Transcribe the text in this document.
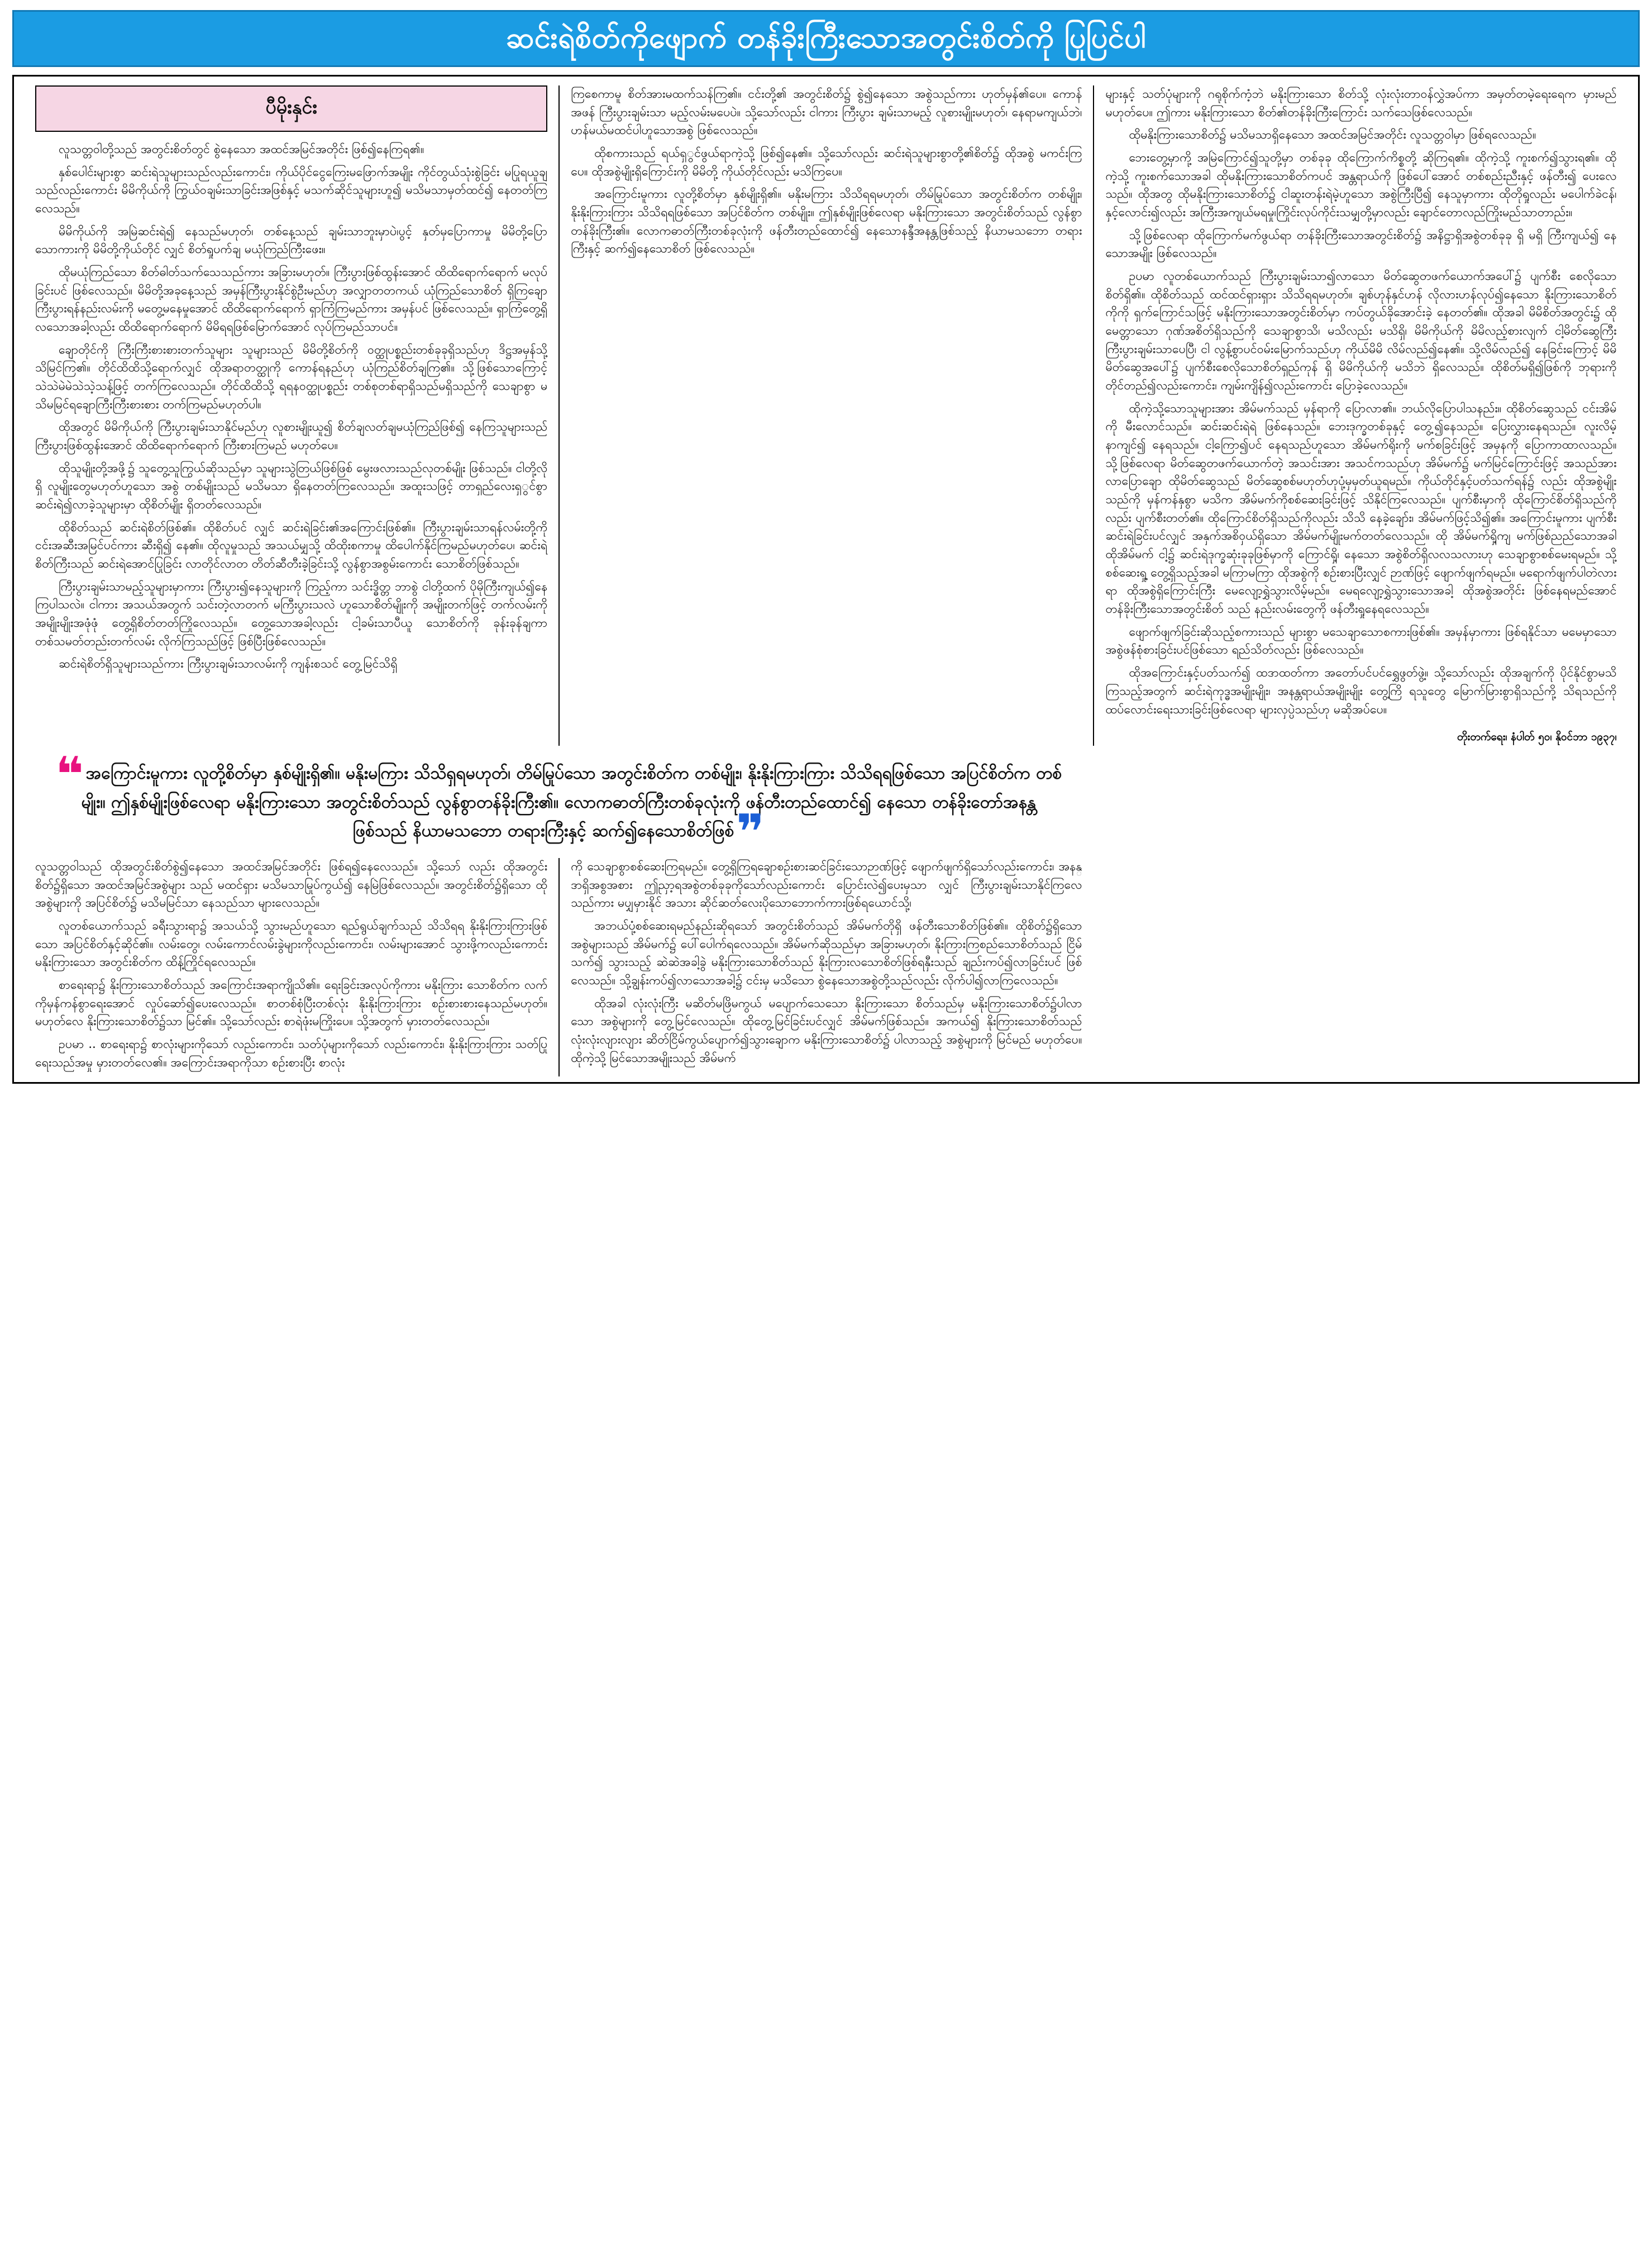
ဆင်းရဲစိတ်ကိုဖျောက် တန်ခိုးကြီးသောအတွင်းစိတ်ကို ပြုပြင်ပါ
ပီမိုးနှင်း

လူသတ္တဝါတို့သည် အတွင်းစိတ်တွင် စွဲနေသော အထင်အမြင်အတိုင်း ဖြစ်၍နေကြရ၏။

နှစ်ပေါင်းများစွာ ဆင်းရဲသူများသည်လည်းကောင်း၊ ကိုယ်ပိုင်ငွေကြေးမဖြောက်အမျိုး ကိုင်တွယ်သုံးစွဲခြင်း မပြုရယူချသည်လည်းကောင်း မိမိကိုယ်ကို ကြွယ်ဝချမ်းသာခြင်းအဖြစ်နှင့် မသက်ဆိုင်သူများဟူ၍ မသိမသာမှတ်ထင်၍ နေတတ်ကြလေသည်။

မိမိကိုယ်ကို အမြဲဆင်းရဲ၍ နေသည်မဟုတ်၊ တစ်နေ့သည် ချမ်းသာဘူးမှာပဲ၊ပွင့် နှတ်မှပြောကာမှု မိမိတို့ပြောသောကားကို မိမိတို့ကိုယ်တိုင် လျှင် စိတ်ရှုပက်ချ မယုံကြည်ကြီးဖေး။

ထိုမယုံကြည်သော စိတ်ဓါတ်သက်သေသည်ကား အခြားမဟုတ်။ ကြီးပွားဖြစ်ထွန်းအောင် ထိထိရောက်ရောက် မလုပ်ခြင်းပင် ဖြစ်လေသည်။ မိမိတို့အခုနေ့သည် အမှန်ကြီးပွားနိုင်စွဲဦးမည်ဟု အလျှာတတကယ် ယုံကြည်သောစိတ် ရှိကြချောကြီးပွားရန်နည်းလမ်းကို မတွေ့မနေမှုအောင် ထိထိရောက်ရောက် ရှာကြံကြမည်ကား အမှန်ပင် ဖြစ်လေသည်။ ရှာကြံတွေ့ရှိလသောအခါ့လည်း ထိထိရောက်ရောက် မိမိရရဖြစ်မြောက်အောင် လုပ်ကြမည်သာပင်။

ချောတိုင်ကို ကြီးကြီးစားစားတက်သူများ သူများသည် မိမိတို့စိတ်ကို ဝတ္ထုပစ္စည်းတစ်ခုခုရှိသည်ဟု ဒိဋ္ဌအမှန်သို့ သိမြင်ကြ၏။ တိုင်ထိထိသို့ရောက်လျှင် ထိုအရာတတ္ထုကို ကောန်ရနည်ဟု ယုံကြည်စိတ်ချကြ၏။ သို့ဖြစ်သောကြောင့် သဲသဲမဲမဲသဲသဲ့သန့်ဖြင့် တက်ကြလေသည်။ တိုင်ထိထိသို့ ရရနဝတ္ထုပစ္စည်း တစ်စုတစ်ရာရှိသည်မရှိသည်ကို သေချာစွာ မသိမမြင်ရချောကြီးကြီးစားစား တက်ကြမည်မဟုတ်ပါ။

ထိုအတွင် မိမိကိုယ်ကို ကြီးပွားချမ်းသာနိုင်မည်ဟု လူစားမျိုးယူ၍ စိတ်ချလတ်ချမယုံကြည်ဖြစ်၍ နေကြသူများသည် ကြီးပွားဖြစ်ထွန်းအောင် ထိထိရောက်ရောက် ကြီးစားကြမည် မဟုတ်ပေ။

ထိုသူမျိုးတို့အဖို့၌ သူတွေ့သူကြွယ်ဆိုသည်မှာ သူများသွဲတြယ်ဖြစ်ဖြစ် မွေးဖလားသည်လုတစ်မျိုး ဖြစ်သည်။ ငါတို့လိုရှိ လူမျိုးတွေမဟုတ်ဟူသော အစွဲ တစ်မျိုးသည် မသိမသာ ရှိနေတတ်ကြလေသည်။ အထူးသဖြင့် တာရှည်လေးရှွင်စွာ ဆင်းရဲ၍လာခဲ့သူများမှာ ထိုစိတ်မျိုး ရှိတတ်လေသည်။

ထိုစိတ်သည် ဆင်းရဲစိတ်ဖြစ်၏။ ထိုစိတ်ပင် လျှင် ဆင်းရဲခြင်း၏အကြောင်းဖြစ်၏။ ကြီးပွားချမ်းသာရန်လမ်းတို့ကို ငင်းအဆီးအမြင်ပင်ကား ဆီးရှိ၍ နေ၏။ ထိုလူမှုသည် အသယ်မျှသို့ ထိထိုးစကာမှု ထိပေါက်နိုင်ကြမည်မဟုတ်ပေ၊ ဆင်းရဲစိတ်ကြီးသည် ဆင်းရဲအောင်ပြုခြင်း လာတိုင်လာတ တိတ်ဆီတီးခဲ့ခြင်းသို့ လွန်စွာအစွမ်းကောင်း သောစိတ်ဖြစ်သည်။

ကြီးပွားချမ်းသာမည့်သူများမှာကား ကြီးပွား၍နေသူများကို ကြည့်ကာ သင်းဒ္ဓိတ္တ ဘာစွဲ ငါတို့ထက် ပိုမိုကြီးကျယ်၍နေကြပါသလဲ။ ငါကား အသယ်အတွက် သင်းတဲ့လာတက် မကြီးပွားသလဲ ဟူသောစိတ်မျိုးကို အမျိုးတက်ဖြင့် တက်လမ်းကို အမျိုးမျိုးအဖုံဖုံ တွေ့ရှိစိတ်တတ်ကြိုလေသည်။ တွေ့သောအခါ့လည်း ငါ့ခမ်းသာပီယူ သောစိတ်ကို ခုန်းခုန်ချကာ တစ်သမတ်တည်းတက်လမ်း လိုက်ကြသည်ဖြင့် ဖြစ်ပြီးဖြစ်လေသည်။

ဆင်းရဲစိတ်ရှိသူများသည်ကား ကြီးပွားချမ်းသာလမ်းကို ကျန်းစသင် တွေ့မြင်သိရှိ

ကြစေကာမူ စိတ်အားမထက်သန်ကြ၏။ ငင်းတို့၏ အတွင်းစိတ်၌ စွဲ၍နေသော အစွဲသည်ကား ဟုတ်မှန်၏ပေ။ ကောန်အဖန် ကြီးပွားချမ်းသာ မည့်လမ်းမပေပဲ။ သို့သော်လည်း ငါကား ကြီးပွား ချမ်းသာမည့် လူစားမျိုးမဟုတ်၊ နေရာမကျယ်ဘဲ၊ ဟန်မယ်မထင်ပါဟူသောအစွဲ ဖြစ်လေသည်။

ထိုစကားသည် ရယ်ရှွင်ဖွယ်ရာကဲ့သို့ ဖြစ်၍နေ၏။ သို့သော်လည်း ဆင်းရဲသူများစွာတို့၏စိတ်၌ ထိုအစွဲ မကင်းကြပေ။ ထိုအစွဲမျိုးရှိကြောင်းကို မိမိတို့ ကိုယ်တိုင်လည်း မသိကြပေ။

အကြောင်းမူကား လူတို့စိတ်မှာ နှစ်မျိုးရှိ၏။ မနိုးမကြား သိသိရရမဟုတ်၊ တိမ်မြုပ်သော အတွင်းစိတ်က တစ်မျိုး၊ နိုးနိုးကြားကြား သိသိရရဖြစ်သော အပြင်စိတ်က တစ်မျိုး။ ဤနှစ်မျိုးဖြစ်လေရာ မနိုးကြားသော အတွင်းစိတ်သည် လွန်စွာတန်ခိုးကြီး၏။ လောကဓာတ်ကြီးတစ်ခုလုံးကို ဖန်တီးတည်ထောင်၍ နေသောနန္ဒီအနန္တဖြစ်သည့် နိယာမသဘော တရားကြီးနှင့် ဆက်၍နေသောစိတ် ဖြစ်လေသည်။

များနှင့် သတ်ပုံများကို ဂရုစိုက်ကံ့ဘဲ မနိုးကြားသော စိတ်သို့ လုံးလုံးတာဝန်လွှဲအပ်ကာ အမှတ်တမဲ့ရေးရေက မှားမည်မဟုတ်ပေ။ ဤကား မနိုးကြားသော စိတ်၏တန်ခိုးကြီးကြောင်း သက်သေဖြစ်လေသည်။

ထိုမနိုးကြားသောစိတ်၌ မသိမသာရှိနေသော အထင်အမြင်အတိုင်း လူသတ္တဝါမှာ ဖြစ်ရလေသည်။

ဘေးတွေ့မှာကို့ အမြဲကြောင်၍သူတို့မှာ တစ်ခုခု ထိုကြောက်ကိစ္စတို့ ဆိုကြရ၏။ ထိုကဲ့သို့ ကူးစက်၍သွားရ၏။ ထိုကဲ့သို့ ကူးစက်သောအခါ ထိုမနိုးကြားသောစိတ်ကပင် အန္တရာယ်ကို ဖြစ်ပေါ်အောင် တစ်စည်းညီးနှင့် ဖန်တီး၍ ပေးလေသည်။ ထိုအတွ ထိုမနိုးကြားသောစိတ်၌ ငါဆူးတန်းရဲမဲ့ဟူသော အစွဲကြီးပြီ၍ နေသူမှာကား ထိုတိုရှုလည်း မပေါက်ခဲငန်၊ နှင့်လောင်း၍လည်း အကြီးအကျယ်မရမှု၊ကြိုင်းလုပ်ကိုင်းသမျှတို့မှာလည်း ချောင်တောလည်ကြိုးမည်သာတာည်း။

သို့ဖြစ်လေရာ ထိုကြောက်မက်ဖွယ်ရာ တန်ခိုးကြီးသောအတွင်းစိတ်၌ အနိဋ္ဌာရှိအစွဲတစ်ခုခု ရှိ မရှိ ကြီးကျယ်၍ နေသောအမျိုး ဖြစ်လေသည်။

ဥပမာ လူတစ်ယောက်သည် ကြီးပွားချမ်းသာ၍လာသော မိတ်ဆွေတဖက်ယောက်အပေါ်၌ ပျက်စီး စေလိုသောစိတ်ရှိ၏။ ထိုစိတ်သည် ထင်ထင်ရှားရှား သိသိရရမဟုတ်။ ချစ်ဟုန်နှင်ဟန် လိုလားဟန်လုပ်၍နေသော နိုးကြားသောစိတ်ကိုကို ရှက်ကြောင်သဖြင့် မနိုးကြားသောအတွင်းစိတ်မှာ ကပ်တွယ်ခိုအောင်းခဲ့ နေတတ်၏။ ထိုအခါ မိမိစိတ်အတွင်း၌ ထိုမေတ္တာသော ဂုဏ်အစိတ်ရှိသည်ကို သေချာစွာသိ၊ မသိလည်း မသိရှိ၊ မိမိကိုယ်ကို မိမိလည့်စားလျက် ငါ့မိတ်ဆွေကြီး ကြီးပွားချမ်းသာပေပြီ၊ ငါ လွန့်စွာပင်ဝမ်းမြောက်သည်ဟု ကိုယ်မိမိ လိမ်လည်၍နေ၏။ သို့လိမ်လည်၍ နေခြင်းကြောင့် မိမိမိတ်ဆွေအပေါ်၌ ပျက်စီးစေလိုသောစိတ်ရှည်ကုန် ရှိ မိမိကိုယ်ကို မသိဘဲ ရှိလေသည်။ ထိုစိတ်မရှိ၍ဖြစ်ကို ဘုရားကို တိုင်တည်၍လည်းကောင်း၊ ကျမ်းကျိန်၍လည်းကောင်း ပြောခဲ့လေသည်။

ထိုကဲ့သို့သောသူများအား အိမ်မက်သည် မှန်ရာကို ပြောလာ၏။ ဘယ်လိုပြောပါသနည်း။ ထိုစိတ်ဆွေသည် ငင်းအိမ်ကို မီးလောင်သည်။ ဆင်းဆင်းရဲရဲ ဖြစ်နေသည်။ ဘေးဒုက္ခတစ်ခုနှင့် တွေ့၍နေသည်။ ပြေးလွှားနေရသည်။ လူးလိမ့်နာကျင်၍ နေရသည်။ ငါ့ကြော၍ပင် နေရသည်ဟူသော အိမ်မက်ရိုးကို မက်စခြင်းဖြင့် အမှနကို ပြောကာထာလသည်။ သို့ဖြစ်လေရာ မိတ်ဆွေတဖက်ယောက်တဲ့ အသင်းအား အသင်ကသည်ဟု အိမ်မက်၌ မက်မြင်ကြောင်းဖြင့် အသည်အား လာပြောချော ထိုမိတ်ဆွေသည် မိတ်ဆွေစစ်မဟုတ်ဟုပုံ့မှမှတ်ယူရမည်။ ကိုယ်တိုင်နှင့်ပတ်သက်ရန်၌ လည်း ထိုအစွဲမျိုးသည်ကို မှန်ကန်နှစွာ မသိက အိမ်မက်ကိုစစ်ဆေးခြင်းဖြင့် သိနိုင်ကြလေသည်။ ပျက်စီးမှာကို ထိုကြောင်စိတ်ရှိသည်ကိုလည်း ပျက်စီးတတ်၏။ ထိုကြောင်စိတ်ရှိသည်ကိုလည်း သိသိ နေခဲ့ချော်း၊ အိမ်မက်ဖြင့်သိ၍၏။ အကြောင်းမူကား ပျက်စီးဆင်းရဲခြင်းပင်လျှင် အနှက်အစိဝှယ်ရှိသော အိမ်မက်မျိုးမက်တတ်လေသည်။ ထို အိမ်မက်ရှိ့ကျ မက်ဖြစ်ညည်သောအခါ ထိုအိမ်မက် ငါ့၌ ဆင်းရဲဒုက္ခဆုံးခုခုဖြစ်မှာကို ကြောင်ရှိ့၊ နေသော အစွဲစိတ်ရှိလလသလားဟု သေချာစွာစစ်မေးရမည်။ သို့စစ်ဆေးရှု့ တွေ့ရှိသည့်အခါ မကြာမကြာ ထိုအစွဲကို စဉ်းစားပြီးလျှင် ဉာဏ်ဖြင့် ဖျောက်ဖျက်ရမည်။ မရောက်ဖျက်ပါတဲလားရာ ထိုအစွဲရှိကြောင်းကြီး မေလျော့ရွှဲသွားလိမ့်မည်။ မေရလျော့ရွှဲသွားသောအခါ့ ထိုအစွဲအတိုင်း ဖြစ်နေရမည်အောင် တန်ခိုးကြီးသောအတွင်းစိတ် သည် နည်းလမ်းတွေကို ဖန်တီးရှုနေရလေသည်။

ဖျောက်ဖျက်ခြင်းဆိုသည့်စကားသည် များစွာ မသေချာသောစကားဖြစ်၏။ အမှန်မှာကား ဖြစ်ရနိုင်သာ မမေမှာသော အစွဲဖန်စုံစားခြင်းပင်ဖြစ်သော ရည်သိတ်လည်း ဖြစ်လေသည်။

ထိုအကြောင်းနှင့်ပတ်သက်၍ ထဒာထတ်ကာ အတော်ပင်ပင်ရွှေဖွတ်ဖွဲ့။ သို့သော်လည်း ထိုအချက်ကို ပိုင်နိုင်စွာမသိကြသည့်အတွက် ဆင်းရဲကုဒ္ဓအမျိုးမျိုး၊ အနန္တရာယ်အမျိုးမျိုး တွေ့ကြိ ရသူတွေ မြောက်မြားစွာရှိသည်ကို့ သိရသည်ကို ထပ်လောင်းရေးသားခြင်းဖြစ်လေရာ များလှပ္ပဲသည်ဟု မဆိုအပ်ပေ။

တိုးတက်ရေး၊ နံပါတ် ၅၀၊ နိုဝင်ဘာ ၁၉၃၇၊
❝ အကြောင်းမူကား လူတို့စိတ်မှာ နှစ်မျိုးရှိ၏။ မနိုးမကြား သိသိရှရမဟုတ်၊ တိမ်မြုပ်သော အတွင်းစိတ်က တစ်မျိုး၊ နိုးနိုးကြားကြား သိသိရရဖြစ်သော အပြင်စိတ်က တစ်မျိုး။ ဤနှစ်မျိုးဖြစ်လေရာ မနိုးကြားသော အတွင်းစိတ်သည် လွန်စွာတန်ခိုးကြီး၏။ လောကဓာတ်ကြီးတစ်ခုလုံးကို ဖန်တီးတည်ထောင်၍ နေသော တန်ခိုးတော်အနန္တဖြစ်သည် နိယာမသဘော တရားကြီးနှင့် ဆက်၍နေသောစိတ်ဖြစ်❞

လူသတ္တဝါသည် ထိုအတွင်းစိတ်စွဲ၍နေသော အထင်အမြင်အတိုင်း ဖြစ်ရ၍နေလေသည်။ သို့သော် လည်း ထိုအတွင်းစိတ်၌ရှိသော အထင်အမြင်အစွဲများ သည် မထင်ရှား မသိမသာမြုပ်ကွယ်၍ နေမြဲဖြစ်လေသည်။ အတွင်းစိတ်၌ရှိသော ထိုအစွဲများကို အပြင်စိတ်၌ မသိမမြင်သာ နေသည်သာ များလေသည်။

လူတစ်ယောက်သည် ခရီးသွားရာ၌ အသယ်သို့ သွားမည်ဟူသော ရည်ရွယ်ချက်သည် သိသိရရ နိုးနိုးကြားကြားဖြစ်သော အပြင်စိတ်နှင့်ဆိုင်၏။ လမ်းတွေ၊ လမ်းကောင်လမ်းခွဲများကိုလည်းကောင်း၊ လမ်းများအောင် သွားဖို့ကလည်းကောင်း မနိုးကြားသော အတွင်းစိတ်က ထိန့်ကြိုင်ရလေသည်။

စာရေးရာ၌ နိုးကြားသောစိတ်သည် အကြောင်းအရာကျိုသိ၏။ ရေးခြင်းအလုပ်ကိုကား မနိုးကြား သောစိတ်က လက်ကိုမှန်ကန်စွာရေးအောင် လှုပ်ဆော်၍ပေးလေသည်။ စာတစ်စုံပြီးတစ်လုံး နိုးနိုးကြားကြား စဉ်းစားစားနေသည်မဟုတ်။ မဟုတ်လေ နိုးကြားသောစိတ်၌သာ မြင်၏။ သို့သော်လည်း စာရဲဖုံးမကြိုးပေ။ သို့အတွက် မှားတတ်လေသည်။

ဥပမာ .. စာရေးရာ၌ စာလုံးများကိုသော် လည်းကောင်း၊ သတ်ပုံများကိုသော် လည်းကောင်း၊ နိုးနိုးကြားကြား သတ်ပြုရေးသည်အမှု မှားတတ်လေ၏။ အကြောင်းအရာကိုသာ စဉ်းစားပြီး စာလုံး

ကို သေချာစွာစစ်ဆေးကြရမည်။ တွေ့ရှိကြရချောစဉ်းစားဆင်ခြင်းသောဉာဏ်ဖြင့် ဖျောက်ဖျက်ရှိသော်လည်းကောင်း၊ အနန္ဒာရှိအစွအစား ဤညှာ့ရအစွဲတစ်ခုခုကိုသော်လည်းကောင်း ပြောင်းလဲ၍ပေးမှသာ လျှင် ကြီးပွားချမ်းသာနိုင်ကြလေသည်ကား မပျှမှားနိုင် အသား ဆိုင်ဆတ်လေးပိုသောဘောက်ကားဖြစ်ရယောင်သို့၊

အဘယ်ပုံ့စစ်ဆေးရမည်နည်းဆိုရသော် အတွင်းစိတ်သည် အိမ်မက်တိုရှိ ဖန်တီးသောစိတ်ဖြစ်၏။ ထိုစိတ်၌ရှိသောအစွဲများသည် အိမ်မက်၌ ပေါ်ပေါက်ရလေသည်။ အိမ်မက်ဆိုသည်မှာ အခြားမဟုတ်၊ နိုးကြားကြစည်သောစိတ်သည် ငြိမ်သက်၍ သွားသည့် ဆဲဆဲအခါ့ခွဲ မနိုးကြားသောစိတ်သည် နိုးကြားလသောစိတ်ဖြစ်ရနှီးသည် ချည်းကပ်၍လာခြင်းပင် ဖြစ်လေသည်။ သို့ချွန်းကပ်၍လာသောအခါ့၌ ငင်းမှ မသိသော စွဲနေသောအစွဲတို့သည်လည်း လိုက်ပါ၍လာကြလေသည်။

ထိုအခါ လုံးလုံးကြီး မဆိတ်မဖြိမကွယ် မပျောက်သေသော နိုးကြားသော စိတ်သည်မှ မနိုးကြားသောစိတ်၌ပါလာသော အစွဲများကို တွေ့မြင်လေသည်။ ထိုတွေ့မြင်ခြင်းပင်လျှင် အိမ်မက်ဖြစ်သည်။ အကယ်၍ နိုးကြားသောစိတ်သည် လုံးလုံးလျားလျား ဆိတ်ငြိမ်ကွယ်ပျောက်၍သွားချောက မနိုးကြားသောစိတ်၌ ပါလာသည့် အစွဲများကို မြင်မည် မဟုတ်ပေ။ ထိုကဲ့သို့ မြင်သောအမျိုးသည် အိမ်မက်
